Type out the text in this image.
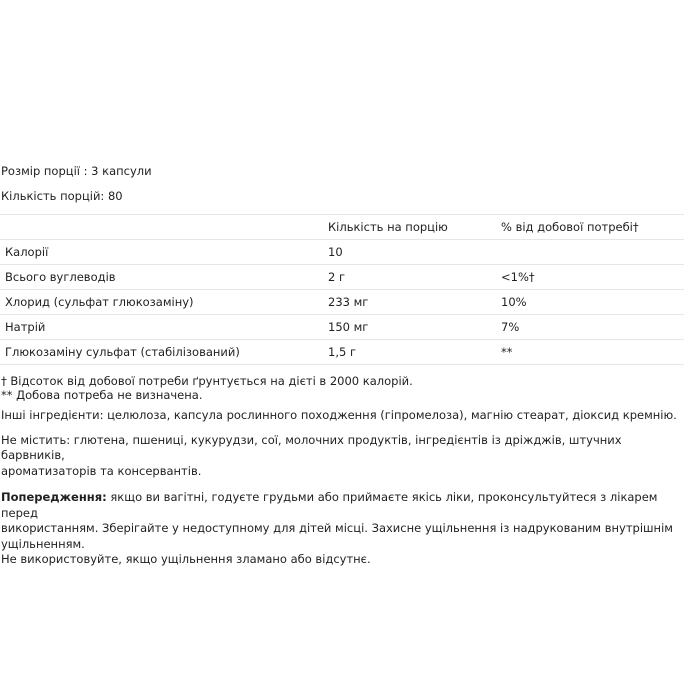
Розмір порції : 3 капсули

Кількість порцій: 80

	Кількість на порцію	% від добової потребі†
Калорії	10	
Всього вуглеводів	2 г	<1%†
Хлорид (сульфат глюкозаміну)	233 мг	10%
Натрій	150 мг	7%
Глюкозаміну сульфат (стабілізований)	1,5 г	**

† Відсоток від добової потреби ґрунтується на дієті в 2000 калорій.

** Добова потреба не визначена.

Інші інгредієнти: целюлоза, капсула рослинного походження (гіпромелоза), магнію стеарат, діоксид кремнію.

Не містить: глютена, пшениці, кукурудзи, сої, молочних продуктів, інгредієнтів із дріжджів, штучних барвників,

ароматизаторів та консервантів.

Попередження: якщо ви вагітні, годуєте грудьми або приймаєте якісь ліки, проконсультуйтеся з лікарем перед

використанням. Зберігайте у недоступному для дітей місці. Захисне ущільнення із надрукованим внутрішнім ущільненням.

Не використовуйте, якщо ущільнення зламано або відсутнє.
